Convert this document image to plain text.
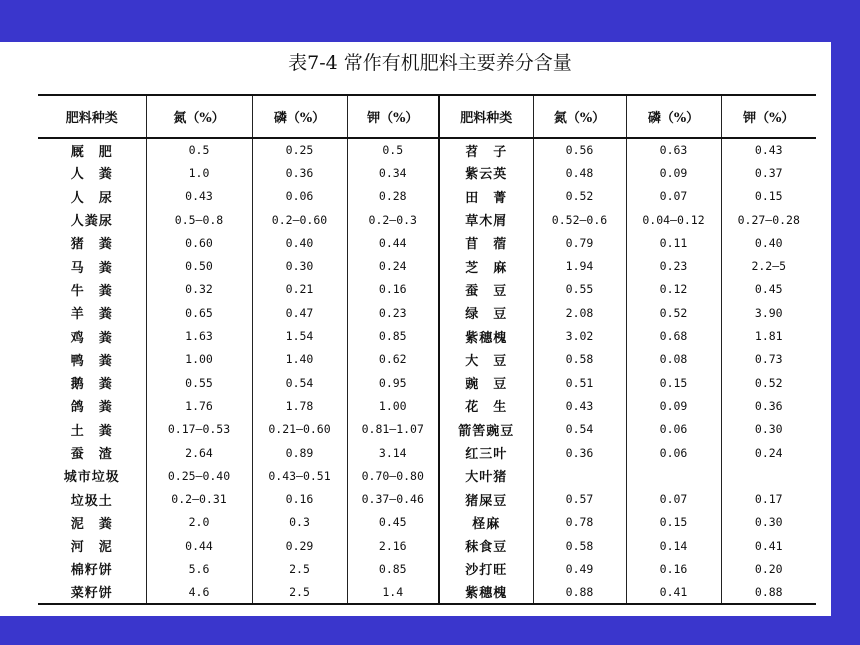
表7-4 常作有机肥料主要养分含量
肥料种类	氮（%）	磷（%）	钾（%）	肥料种类	氮（%）	磷（%）	钾（%）
厩　肥	0.5	0.25	0.5	苕　子	0.56	0.63	0.43
人　粪	1.0	0.36	0.34	紫云英	0.48	0.09	0.37
人　尿	0.43	0.06	0.28	田　菁	0.52	0.07	0.15
人粪尿	0.5—0.8	0.2—0.60	0.2—0.3	草木屑	0.52—0.6	0.04—0.12	0.27—0.28
猪　粪	0.60	0.40	0.44	苜　蓿	0.79	0.11	0.40
马　粪	0.50	0.30	0.24	芝　麻	1.94	0.23	2.2—5
牛　粪	0.32	0.21	0.16	蚕　豆	0.55	0.12	0.45
羊　粪	0.65	0.47	0.23	绿　豆	2.08	0.52	3.90
鸡　粪	1.63	1.54	0.85	紫穗槐	3.02	0.68	1.81
鸭　粪	1.00	1.40	0.62	大　豆	0.58	0.08	0.73
鹅　粪	0.55	0.54	0.95	豌　豆	0.51	0.15	0.52
鸽　粪	1.76	1.78	1.00	花　生	0.43	0.09	0.36
土　粪	0.17—0.53	0.21—0.60	0.81—1.07	箭筈豌豆	0.54	0.06	0.30
蚕　渣	2.64	0.89	3.14	红三叶	0.36	0.06	0.24
城市垃圾	0.25—0.40	0.43—0.51	0.70—0.80	大叶猪			
垃圾土	0.2—0.31	0.16	0.37—0.46	猪屎豆	0.57	0.07	0.17
泥　粪	2.0	0.3	0.45	柽麻	0.78	0.15	0.30
河　泥	0.44	0.29	2.16	秣食豆	0.58	0.14	0.41
棉籽饼	5.6	2.5	0.85	沙打旺	0.49	0.16	0.20
菜籽饼	4.6	2.5	1.4	紫穗槐	0.88	0.41	0.88
